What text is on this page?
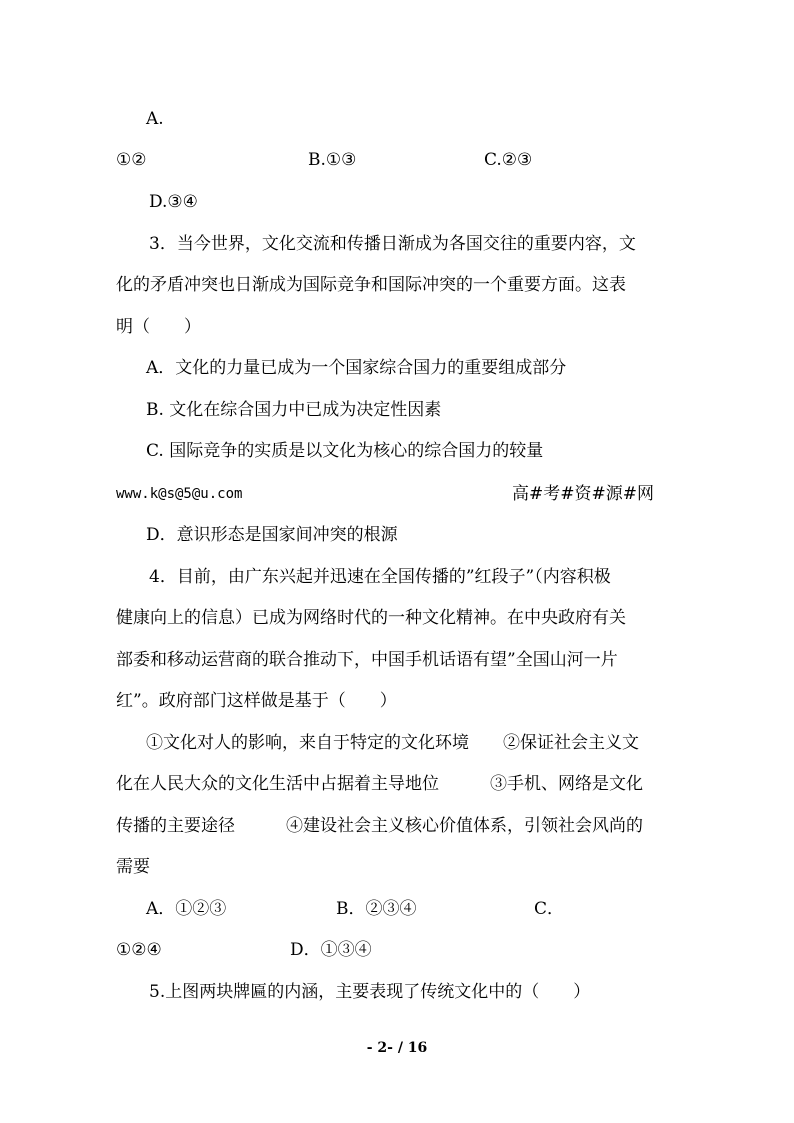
A.
①②	B.①③	C.②③
D.③④
3．当今世界，文化交流和传播日渐成为各国交往的重要内容，文
化的矛盾冲突也日渐成为国际竞争和国际冲突的一个重要方面。这表
明（　　）
A．文化的力量已成为一个国家综合国力的重要组成部分
B. 文化在综合国力中已成为决定性因素
C. 国际竞争的实质是以文化为核心的综合国力的较量
www.k@s@5@u.com	高#考#资#源#网
D．意识形态是国家间冲突的根源
4．目前，由广东兴起并迅速在全国传播的”红段子”（内容积极
健康向上的信息）已成为网络时代的一种文化精神。在中央政府有关
部委和移动运营商的联合推动下，中国手机话语有望”全国山河一片
红”。政府部门这样做是基于（　　）
①文化对人的影响，来自于特定的文化环境　　②保证社会主义文
化在人民大众的文化生活中占据着主导地位　　　③手机、网络是文化
传播的主要途径　　　④建设社会主义核心价值体系，引领社会风尚的
需要
A．①②③	B．②③④	C．
①②④	D．①③④
5.上图两块牌匾的内涵，主要表现了传统文化中的（　　）
- 2- / 16
